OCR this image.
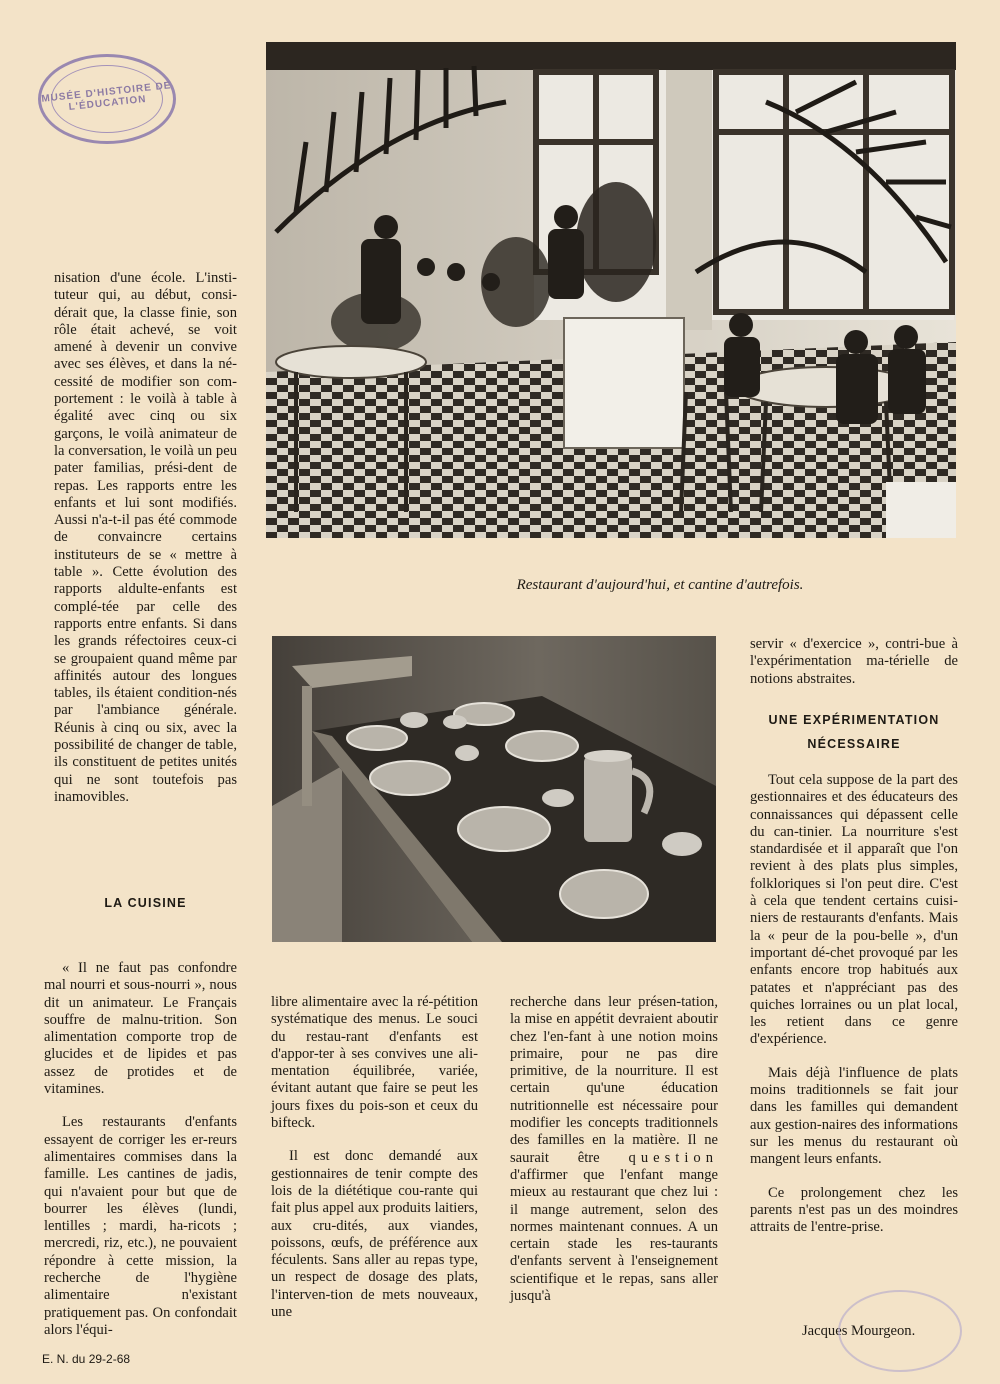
MUSÉE D'HISTOIRE DE L'ÉDUCATION
Restaurant d'aujourd'hui, et cantine d'autrefois.

nisation d'une école. L'insti-tuteur qui, au début, consi-dérait que, la classe finie, son rôle était achevé, se voit amené à devenir un convive avec ses élèves, et dans la né-cessité de modifier son com-portement : le voilà à table à égalité avec cinq ou six garçons, le voilà animateur de la conversation, le voilà un peu pater familias, prési-dent de repas. Les rapports entre les enfants et lui sont modifiés. Aussi n'a-t-il pas été commode de convaincre certains instituteurs de se « mettre à table ». Cette évolution des rapports aldulte-enfants est complé-tée par celle des rapports entre enfants. Si dans les grands réfectoires ceux-ci se groupaient quand même par affinités autour des longues tables, ils étaient condition-nés par l'ambiance générale. Réunis à cinq ou six, avec la possibilité de changer de table, ils constituent de petites unités qui ne sont toutefois pas inamovibles.

LA CUISINE

« Il ne faut pas confondre mal nourri et sous-nourri », nous dit un animateur. Le Français souffre de malnu-trition. Son alimentation comporte trop de glucides et de lipides et pas assez de protides et de vitamines.

Les restaurants d'enfants essayent de corriger les er-reurs alimentaires commises dans la famille. Les cantines de jadis, qui n'avaient pour but que de bourrer les élèves (lundi, lentilles ; mardi, ha-ricots ; mercredi, riz, etc.), ne pouvaient répondre à cette mission, la recherche de l'hygiène alimentaire n'existant pratiquement pas. On confondait alors l'équi-

libre alimentaire avec la ré-pétition systématique des menus. Le souci du restau-rant d'enfants est d'appor-ter à ses convives une ali-mentation équilibrée, variée, évitant autant que faire se peut les jours fixes du pois-son et ceux du bifteck.

Il est donc demandé aux gestionnaires de tenir compte des lois de la diététique cou-rante qui fait plus appel aux produits laitiers, aux cru-dités, aux viandes, poissons, œufs, de préférence aux féculents. Sans aller au repas type, un respect de dosage des plats, l'interven-tion de mets nouveaux, une

recherche dans leur présen-tation, la mise en appétit devraient aboutir chez l'en-fant à une notion moins primaire, pour ne pas dire primitive, de la nourriture. Il est certain qu'une éducation nutritionnelle est nécessaire pour modifier les concepts traditionnels des familles en la matière. Il ne saurait être question d'affirmer que l'enfant mange mieux au restaurant que chez lui : il mange autrement, selon des normes maintenant connues. A un certain stade les res-taurants d'enfants servent à l'enseignement scientifique et le repas, sans aller jusqu'à

servir « d'exercice », contri-bue à l'expérimentation ma-térielle de notions abstraites.

UNE EXPÉRIMENTATION
NÉCESSAIRE

Tout cela suppose de la part des gestionnaires et des éducateurs des connaissances qui dépassent celle du can-tinier. La nourriture s'est standardisée et il apparaît que l'on revient à des plats plus simples, folkloriques si l'on peut dire. C'est à cela que tendent certains cuisi-niers de restaurants d'enfants. Mais la « peur de la pou-belle », d'un important dé-chet provoqué par les enfants encore trop habitués aux patates et n'appréciant pas des quiches lorraines ou un plat local, les retient dans ce genre d'expérience.

Mais déjà l'influence de plats moins traditionnels se fait jour dans les familles qui demandent aux gestion-naires des informations sur les menus du restaurant où mangent leurs enfants.

Ce prolongement chez les parents n'est pas un des moindres attraits de l'entre-prise.

Jacques Mourgeon.
E. N. du 29-2-68
